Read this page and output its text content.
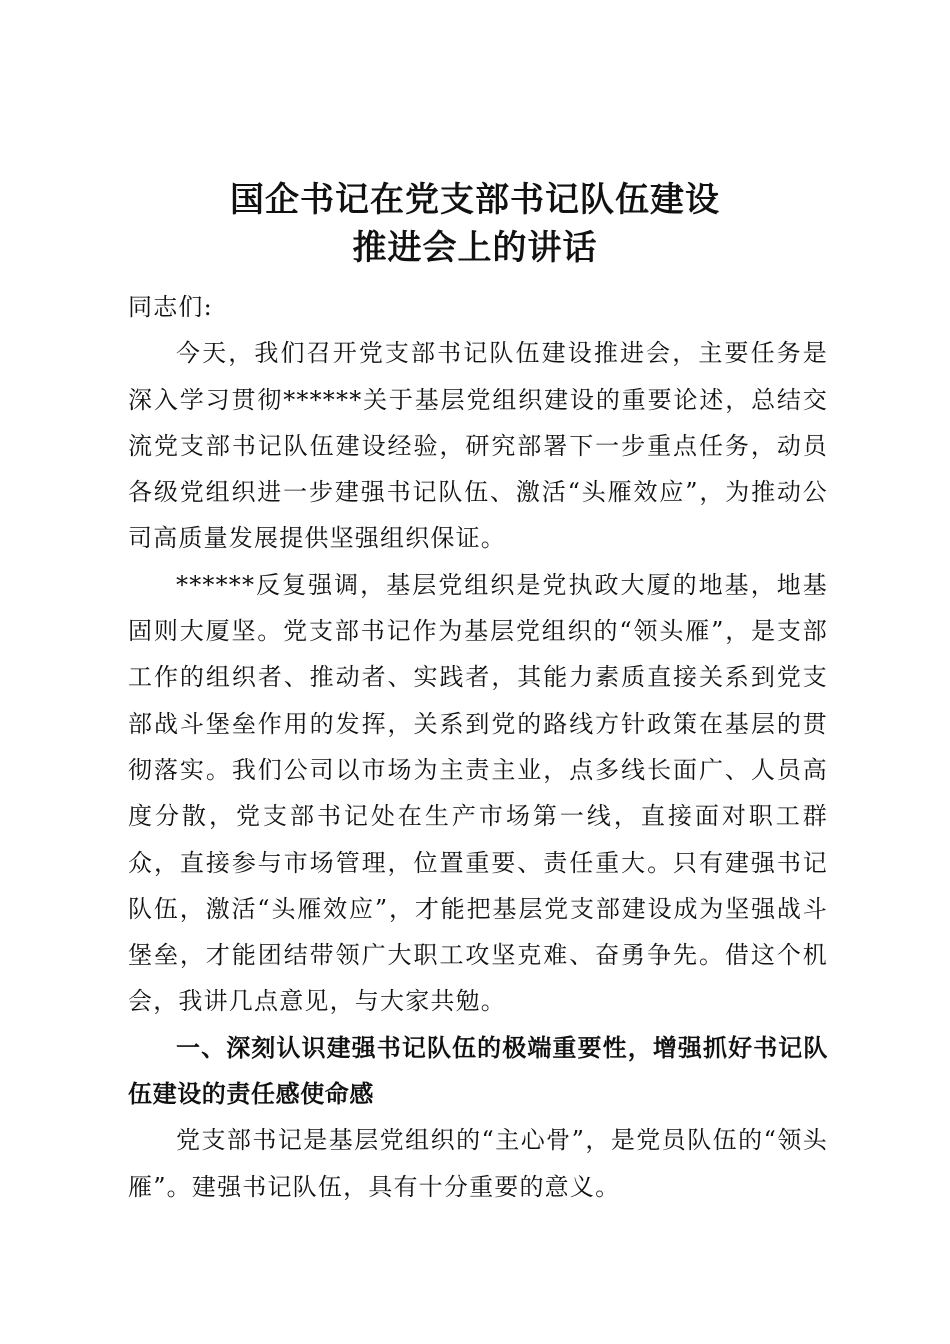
国企书记在党支部书记队伍建设
推进会上的讲话

同志们:

今天，我们召开党支部书记队伍建设推进会，主要任务是深入学习贯彻******关于基层党组织建设的重要论述，总结交流党支部书记队伍建设经验，研究部署下一步重点任务，动员各级党组织进一步建强书记队伍、激活“头雁效应”，为推动公司高质量发展提供坚强组织保证。

******反复强调，基层党组织是党执政大厦的地基，地基固则大厦坚。党支部书记作为基层党组织的“领头雁”，是支部工作的组织者、推动者、实践者，其能力素质直接关系到党支部战斗堡垒作用的发挥，关系到党的路线方针政策在基层的贯彻落实。我们公司以市场为主责主业，点多线长面广、人员高度分散，党支部书记处在生产市场第一线，直接面对职工群众，直接参与市场管理，位置重要、责任重大。只有建强书记队伍，激活“头雁效应”，才能把基层党支部建设成为坚强战斗堡垒，才能团结带领广大职工攻坚克难、奋勇争先。借这个机会，我讲几点意见，与大家共勉。

一、深刻认识建强书记队伍的极端重要性，增强抓好书记队伍建设的责任感使命感

党支部书记是基层党组织的“主心骨”，是党员队伍的“领头雁”。建强书记队伍，具有十分重要的意义。
